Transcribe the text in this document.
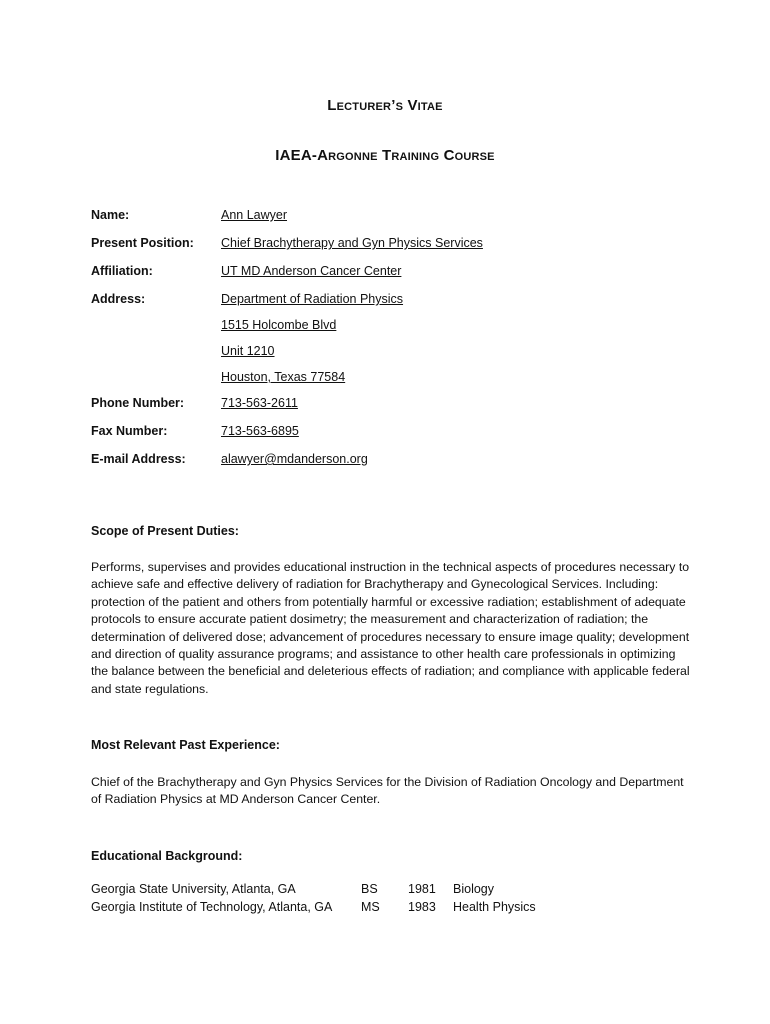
Lecturer’s Vitae
IAEA-Argonne Training Course
Name:	Ann Lawyer
Present Position: Chief Brachytherapy and Gyn Physics Services
Affiliation:	UT MD Anderson Cancer Center
Address:	Department of Radiation Physics
1515 Holcombe Blvd
Unit 1210
Houston, Texas 77584
Phone Number:	713-563-2611
Fax Number:	713-563-6895
E-mail Address:	alawyer@mdanderson.org
Scope of Present Duties:
Performs, supervises and provides educational instruction in the technical aspects of procedures necessary to achieve safe and effective delivery of radiation for Brachytherapy and Gynecological Services. Including: protection of the patient and others from potentially harmful or excessive radiation; establishment of adequate protocols to ensure accurate patient dosimetry; the measurement and characterization of radiation; the determination of delivered dose; advancement of procedures necessary to ensure image quality; development and direction of quality assurance programs; and assistance to other health care professionals in optimizing the balance between the beneficial and deleterious effects of radiation; and compliance with applicable federal and state regulations.
Most Relevant Past Experience:
Chief of the Brachytherapy and Gyn Physics Services for the Division of Radiation Oncology and Department of Radiation Physics at MD Anderson Cancer Center.
Educational Background:
Georgia State University, Atlanta, GA	BS 1981 Biology
Georgia Institute of Technology, Atlanta, GA MS 1983 Health Physics
